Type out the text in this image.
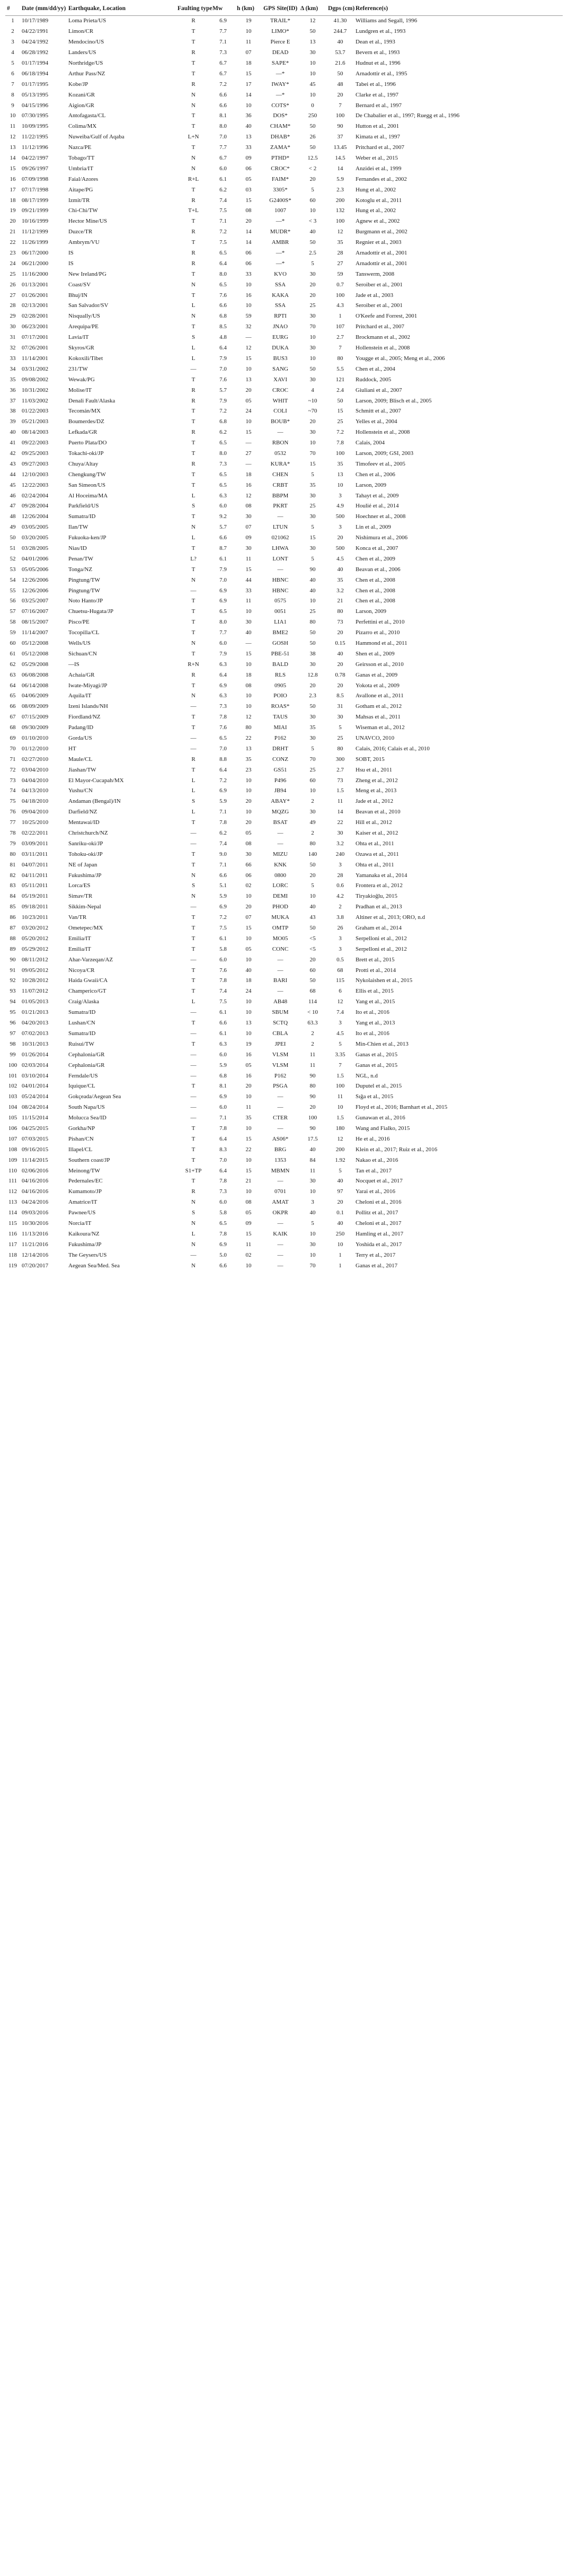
#	Date (mm/dd/yy)	Earthquake, Location	Faulting type	Mw	h (km)	GPS Site(ID)	Δ (km)	Dgps (cm)	Reference(s)
1	10/17/1989	Loma Prieta/US	R	6.9	19	TRAIL*	12	41.30	Williams and Segall, 1996
2	04/22/1991	Limon/CR	T	7.7	10	LIMO*	50	244.7	Lundgren et al., 1993
3	04/24/1992	Mendocino/US	T	7.1	11	Pierce E	13	40	Dean et al., 1993
4	06/28/1992	Landers/US	R	7.3	07	DEAD	30	53.7	Bevern et al., 1993
5	01/17/1994	Northridge/US	T	6.7	18	SAPE*	10	21.6	Hudnut et al., 1996
6	06/18/1994	Arthur Pass/NZ	T	6.7	15	—*	10	50	Arnadottir et al., 1995
7	01/17/1995	Kobe/JP	R	7.2	17	IWAY*	45	48	Tabei et al., 1996
8	05/13/1995	Kozani/GR	N	6.6	14	—*	10	20	Clarke et al., 1997
9	04/15/1996	Aigion/GR	N	6.6	10	COTS*	0	7	Bernard et al., 1997
10	07/30/1995	Antofagasta/CL	T	8.1	36	DOS*	250	100	De Chabalier et al., 1997; Ruegg et al., 1996
11	10/09/1995	Colima/MX	T	8.0	40	CHAM*	50	90	Hutton et al., 2001
12	11/22/1995	Nuweiba/Gulf of Aqaba	L+N	7.0	13	DHAB*	26	37	Kimata et al., 1997
13	11/12/1996	Nazca/PE	T	7.7	33	ZAMA*	50	13.45	Pritchard et al., 2007
14	04/22/1997	Tobago/TT	N	6.7	09	PTHD*	12.5	14.5	Weber et al., 2015
15	09/26/1997	Umbria/IT	N	6.0	06	CROC*	< 2	14	Anzidei et al., 1999
16	07/09/1998	Faial/Azores	R+L	6.1	05	FAIM*	20	5.9	Fernandes et al., 2002
17	07/17/1998	Aitape/PG	T	6.2	03	3305*	5	2.3	Hung et al., 2002
18	08/17/1999	Izmit/TR	R	7.4	15	G2400S*	60	200	Kotoglu et al., 2011
19	09/21/1999	Chi-Chi/TW	T+L	7.5	08	1007	10	132	Hung et al., 2002
20	10/16/1999	Hector Mine/US	T	7.1	20	—*	< 3	100	Agnew et al., 2002
21	11/12/1999	Duzce/TR	R	7.2	14	MUDR*	40	12	Burgmann et al., 2002
22	11/26/1999	Ambrym/VU	T	7.5	14	AMBR	50	35	Regnier et al., 2003
23	06/17/2000	IS	R	6.5	06	—*	2.5	28	Arnadottir et al., 2001
24	06/21/2000	IS	R	6.4	06	—*	5	27	Arnadottir et al., 2001
25	11/16/2000	New Ireland/PG	T	8.0	33	KVO	30	59	Tanswerm, 2008
26	01/13/2001	Coast/SV	N	6.5	10	SSA	20	0.7	Seroiber et al., 2001
27	01/26/2001	Bhuj/IN	T	7.6	16	KAKA	20	100	Jade et al., 2003
28	02/13/2001	San Salvador/SV	L	6.6	10	SSA	25	4.3	Seroiber et al., 2001
29	02/28/2001	Nisqually/US	N	6.8	59	RPTI	30	1	O'Keefe and Forrest, 2001
30	06/23/2001	Arequipa/PE	T	8.5	32	JNAO	70	107	Pritchard et al., 2007
31	07/17/2001	Lavia/IT	S	4.8	—	EURG	10	2.7	Brockmann et al., 2002
32	07/26/2001	Skyros/GR	L	6.4	12	DUKA	30	7	Hollenstein et al., 2008
33	11/14/2001	Kokoxili/Tibet	L	7.9	15	BUS3	10	80	Yougge et al., 2005; Meng et al., 2006
34	03/31/2002	231/TW	—	7.0	10	SANG	50	5.5	Chen et al., 2004
35	09/08/2002	Wewak/PG	T	7.6	13	XAVI	30	121	Ruddock, 2005
36	10/31/2002	Molise/IT	R	5.7	20	CROC	4	2.4	Giuliani et al., 2007
37	11/03/2002	Denali Fault/Alaska	R	7.9	05	WHIT	~10	50	Larson, 2009; Blisch et al., 2005
38	01/22/2003	Tecomán/MX	T	7.2	24	COLI	~70	15	Schmitt et al., 2007
39	05/21/2003	Boumerdes/DZ	T	6.8	10	BOUB*	20	25	Yelles et al., 2004
40	08/14/2003	Lefkada/GR	R	6.2	15	—	30	7.2	Hollenstein et al., 2008
41	09/22/2003	Puerto Plata/DO	T	6.5	—	RBON	10	7.8	Calais, 2004
42	09/25/2003	Tokachi-oki/JP	T	8.0	27	0532	70	100	Larson, 2009; GSI, 2003
43	09/27/2003	Chuya/Altay	R	7.3	—	KURA*	15	35	Timofeev et al., 2005
44	12/10/2003	Chengkung/TW	T	6.5	18	CHEN	5	13	Chen et al., 2006
45	12/22/2003	San Simeon/US	T	6.5	16	CRBT	35	10	Larson, 2009
46	02/24/2004	Al Hoceima/MA	L	6.3	12	BBPM	30	3	Tahayt et al., 2009
47	09/28/2004	Parkfield/US	S	6.0	08	PKRT	25	4.9	Houlié et al., 2014
48	12/26/2004	Sumatra/ID	T	9.2	30	—	30	500	Hoechner et al., 2008
49	03/05/2005	Ilan/TW	N	5.7	07	LTUN	5	3	Lin et al., 2009
50	03/20/2005	Fukuoka-ken/JP	L	6.6	09	021062	15	20	Nishimura et al., 2006
51	03/28/2005	Nias/ID	T	8.7	30	LHWA	30	500	Konca et al., 2007
52	04/01/2006	Penan/TW	L?	6.1	11	LONT	5	4.5	Chen et al., 2009
53	05/05/2006	Tonga/NZ	T	7.9	15	—	90	40	Beavan et al., 2006
54	12/26/2006	Pingtung/TW	N	7.0	44	HBNC	40	35	Chen et al., 2008
55	12/26/2006	Pingtung/TW	—	6.9	33	HBNC	40	3.2	Chen et al., 2008
56	03/25/2007	Noto Hanto/JP	T	6.9	11	0575	10	21	Chen et al., 2008
57	07/16/2007	Chuetsu-Hugata/JP	T	6.5	10	0051	25	80	Larson, 2009
58	08/15/2007	Pisco/PE	T	8.0	30	LIA1	80	73	Perfettini et al., 2010
59	11/14/2007	Tocopilla/CL	T	7.7	40	BME2	50	20	Pizarro et al., 2010
60	05/12/2008	Wells/US	N	6.0	—	GOSH	50	0.15	Hammond et al., 2011
61	05/12/2008	Sichuan/CN	T	7.9	15	PBE-51	38	40	Shen et al., 2009
62	05/29/2008	—IS	R+N	6.3	10	BALD	30	20	Geirsson et al., 2010
63	06/08/2008	Achaia/GR	R	6.4	18	RLS	12.8	0.78	Ganas et al., 2009
64	06/14/2008	Iwate-Miyagi/JP	T	6.9	08	0905	20	20	Yokota et al., 2009
65	04/06/2009	Aquila/IT	N	6.3	10	POIO	2.3	8.5	Avallone et al., 2011
66	08/09/2009	Izeni Islands/NH	—	7.3	10	ROAS*	50	31	Gotham et al., 2012
67	07/15/2009	Fiordland/NZ	T	7.8	12	TAUS	30	30	Mahsas et al., 2011
68	09/30/2009	Padang/ID	T	7.6	80	MIAI	35	5	Wiseman et al., 2012
69	01/10/2010	Gorda/US	—	6.5	22	P162	30	25	UNAVCO, 2010
70	01/12/2010	HT	—	7.0	13	DRHT	5	80	Calais, 2016; Calais et al., 2010
71	02/27/2010	Maule/CL	R	8.8	35	CONZ	70	300	SOBT, 2015
72	03/04/2010	Jiashan/TW	T	6.4	23	GS51	25	2.7	Hsu et al., 2011
73	04/04/2010	El Mayor-Cucapah/MX	L	7.2	10	P496	60	73	Zheng et al., 2012
74	04/13/2010	Yushu/CN	L	6.9	10	JB94	10	1.5	Meng et al., 2013
75	04/18/2010	Andaman (Bengal)/IN	S	5.9	20	ABAY*	2	11	Jade et al., 2012
76	09/04/2010	Darfield/NZ	L	7.1	10	MQZG	30	14	Beavan et al., 2010
77	10/25/2010	Mentawai/ID	T	7.8	20	BSAT	49	22	Hill et al., 2012
78	02/22/2011	Christchurch/NZ	—	6.2	05	—	2	30	Kaiser et al., 2012
79	03/09/2011	Sanriku-oki/JP	—	7.4	08	—	80	3.2	Ohta et al., 2011
80	03/11/2011	Tohoku-oki/JP	T	9.0	30	MIZU	140	240	Ozawa et al., 2011
81	04/07/2011	NE of Japan	T	7.1	66	KNK	50	3	Ohta et al., 2011
82	04/11/2011	Fukushima/JP	N	6.6	06	0800	20	28	Yamanaka et al., 2014
83	05/11/2011	Lorca/ES	S	5.1	02	LORC	5	0.6	Frontera et al., 2012
84	05/19/2011	Simav/TR	N	5.9	10	DEMI	10	4.2	Tiryakioğlu, 2015
85	09/18/2011	Sikkim-Nepal	—	6.9	20	PHOD	40	2	Pradhan et al., 2013
86	10/23/2011	Van/TR	T	7.2	07	MUKA	43	3.8	Altiner et al., 2013; ORO, n.d
87	03/20/2012	Ometepec/MX	T	7.5	15	OMTP	50	26	Graham et al., 2014
88	05/20/2012	Emilia/IT	T	6.1	10	MO05	<5	3	Serpelloni et al., 2012
89	05/29/2012	Emilia/IT	T	5.8	05	CONC	<5	3	Serpelloni et al., 2012
90	08/11/2012	Ahar-Varzeqan/AZ	—	6.0	10	—	20	0.5	Brett et al., 2015
91	09/05/2012	Nicoya/CR	T	7.6	40	—	60	68	Protti et al., 2014
92	10/28/2012	Haida Gwaii/CA	T	7.8	18	BARI	50	115	Nykolaishen et al., 2015
93	11/07/2012	Champerico/GT	T	7.4	24	—	68	6	Ellis et al., 2015
94	01/05/2013	Craig/Alaska	L	7.5	10	AB48	114	12	Yang et al., 2015
95	01/21/2013	Sumatra/ID	—	6.1	10	SBUM	< 10	7.4	Ito et al., 2016
96	04/20/2013	Lushan/CN	T	6.6	13	SCTQ	63.3	3	Yang et al., 2013
97	07/02/2013	Sumatra/ID	—	6.1	10	CBLA	2	4.5	Ito et al., 2016
98	10/31/2013	Ruisui/TW	T	6.3	19	JPEI	2	5	Min-Chien et al., 2013
99	01/26/2014	Cephalonia/GR	—	6.0	16	VLSM	11	3.35	Ganas et al., 2015
100	02/03/2014	Cephalonia/GR	—	5.9	05	VLSM	11	7	Ganas et al., 2015
101	03/10/2014	Ferndale/US	—	6.8	16	P162	90	1.5	NGL, n.d
102	04/01/2014	Iquique/CL	T	8.1	20	PSGA	80	100	Duputel et al., 2015
103	05/24/2014	Gokçeada/Aegean Sea	—	6.9	10	—	90	11	Sığa et al., 2015
104	08/24/2014	South Napa/US	—	6.0	11	—	20	10	Floyd et al., 2016; Barnhart et al., 2015
105	11/15/2014	Molucca Sea/ID	—	7.1	35	CTER	100	1.5	Gunawan et al., 2016
106	04/25/2015	Gorkha/NP	T	7.8	10	—	90	180	Wang and Fialko, 2015
107	07/03/2015	Pishan/CN	T	6.4	15	AS06*	17.5	12	He et al., 2016
108	09/16/2015	Illapel/CL	T	8.3	22	BRG	40	200	Klein et al., 2017; Ruiz et al., 2016
109	11/14/2015	Southern coast/JP	T	7.0	10	1353	84	1.92	Nakao et al., 2016
110	02/06/2016	Meinong/TW	S1+TP	6.4	15	MBMN	11	5	Tan et al., 2017
111	04/16/2016	Pedernales/EC	T	7.8	21	—	30	40	Nocquet et al., 2017
112	04/16/2016	Kumamoto/JP	R	7.3	10	0701	10	97	Yarai et al., 2016
113	04/24/2016	Amatrice/IT	N	6.0	08	AMAT	3	20	Cheloni et al., 2016
114	09/03/2016	Pawnee/US	S	5.8	05	OKPR	40	0.1	Pollitz et al., 2017
115	10/30/2016	Norcia/IT	N	6.5	09	—	5	40	Cheloni et al., 2017
116	11/13/2016	Kaikoura/NZ	L	7.8	15	KAIK	10	250	Hamling et al., 2017
117	11/21/2016	Fukushima/JP	N	6.9	11	—	30	10	Yoshida et al., 2017
118	12/14/2016	The Geysers/US	—	5.0	02	—	10	1	Terry et al., 2017
119	07/20/2017	Aegean Sea/Med. Sea	N	6.6	10	—	70	1	Ganas et al., 2017
